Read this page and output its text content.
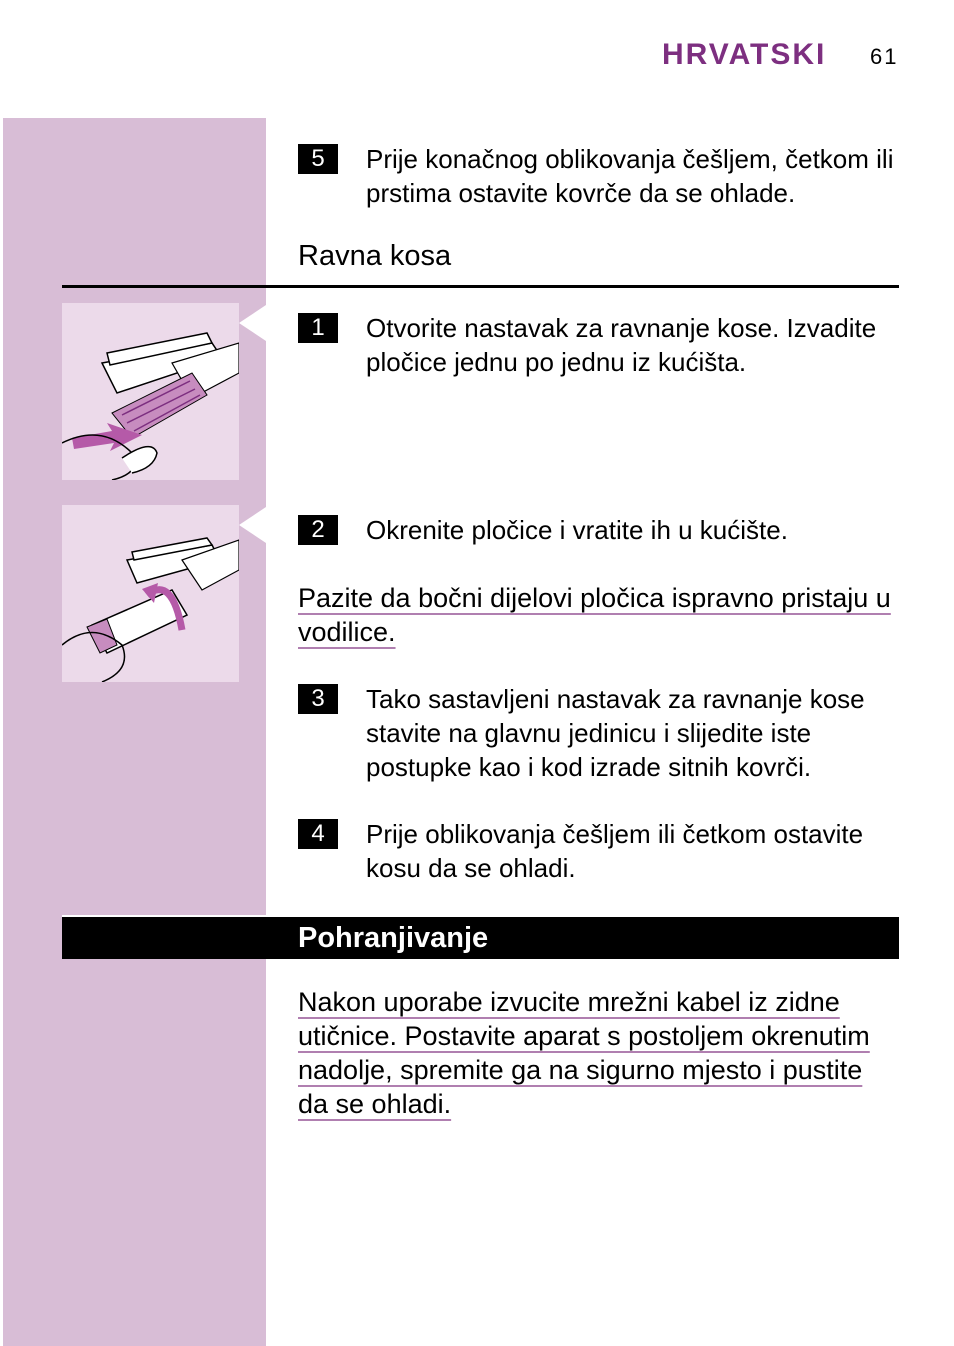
HRVATSKI 61
5	Prije konačnog oblikovanja češljem, četkom ili prstima ostavite kovrče da se ohlade.
Ravna kosa
1	Otvorite nastavak za ravnanje kose. Izvadite pločice jednu po jednu iz kućišta.
2	Okrenite pločice i vratite ih u kućište.
Pazite da bočni dijelovi pločica ispravno pristaju u vodilice.
3	Tako sastavljeni nastavak za ravnanje kose stavite na glavnu jedinicu i slijedite iste postupke kao i kod izrade sitnih kovrči.
4	Prije oblikovanja češljem ili četkom ostavite kosu da se ohladi.
Pohranjivanje
Nakon uporabe izvucite mrežni kabel iz zidne utičnice. Postavite aparat s postoljem okrenutim nadolje, spremite ga na sigurno mjesto i pustite da se ohladi.
